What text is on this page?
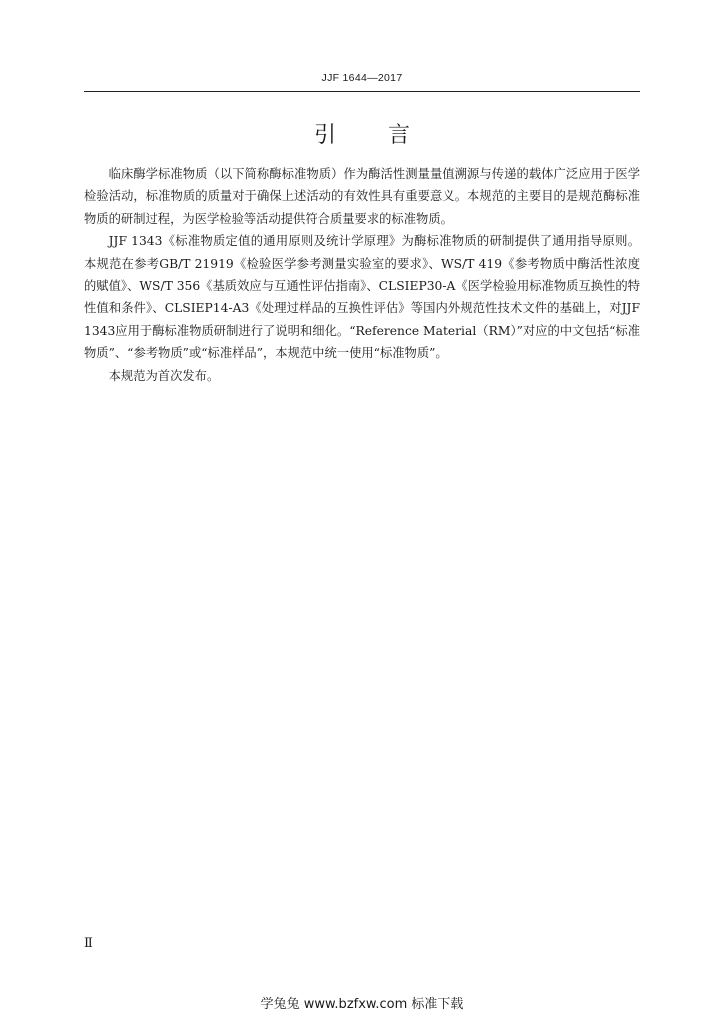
JJF 1644—2017
引言

临床酶学标准物质（以下简称酶标准物质）作为酶活性测量量值溯源与传递的载体广泛应用于医学检验活动，标准物质的质量对于确保上述活动的有效性具有重要意义。本规范的主要目的是规范酶标准物质的研制过程，为医学检验等活动提供符合质量要求的标准物质。

JJF 1343《标准物质定值的通用原则及统计学原理》为酶标准物质的研制提供了通用指导原则。本规范在参考GB/T 21919《检验医学参考测量实验室的要求》、WS/T 419《参考物质中酶活性浓度的赋值》、WS/T 356《基质效应与互通性评估指南》、CLSIEP30-A《医学检验用标准物质互换性的特性值和条件》、CLSIEP14-A3《处理过样品的互换性评估》等国内外规范性技术文件的基础上，对JJF 1343应用于酶标准物质研制进行了说明和细化。“Reference Material（RM）”对应的中文包括“标准物质”、“参考物质”或“标准样品”，本规范中统一使用“标准物质”。

本规范为首次发布。

Ⅱ
学兔兔 www.bzfxw.com 标准下载
